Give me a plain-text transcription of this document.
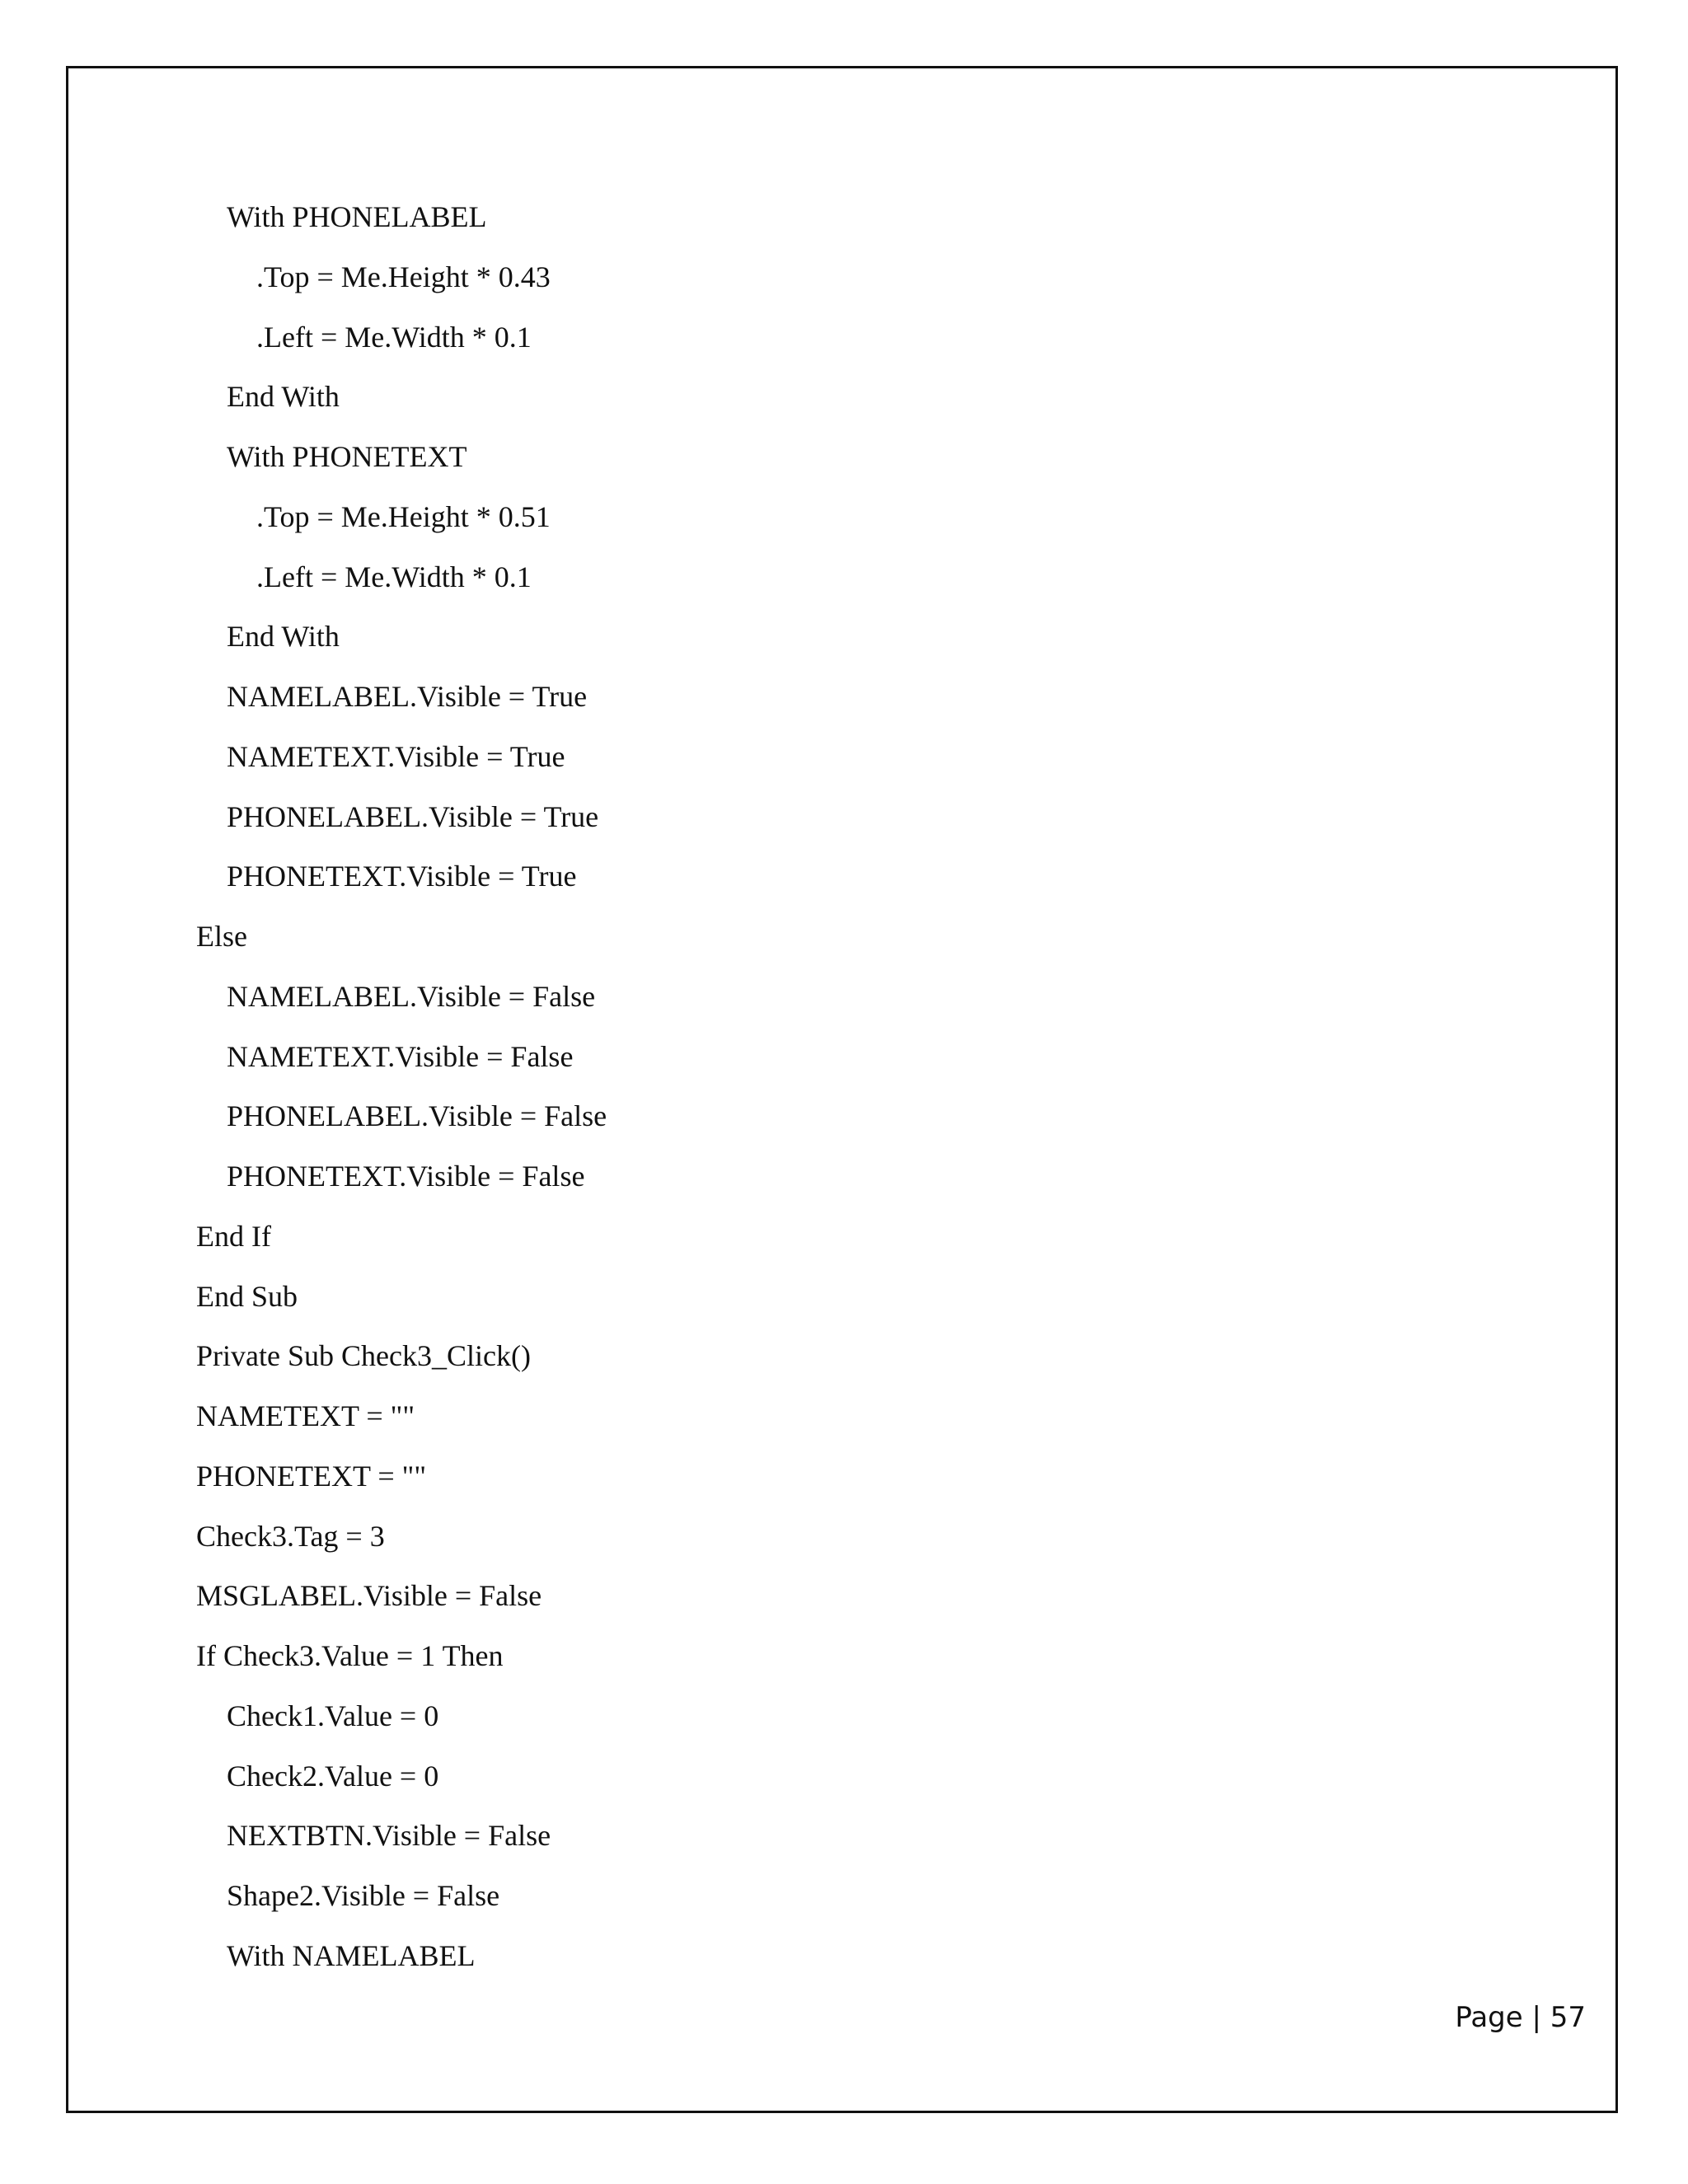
With PHONELABEL
.Top = Me.Height * 0.43
.Left = Me.Width * 0.1
End With
With PHONETEXT
.Top = Me.Height * 0.51
.Left = Me.Width * 0.1
End With
NAMELABEL.Visible = True
NAMETEXT.Visible = True
PHONELABEL.Visible = True
PHONETEXT.Visible = True
Else
NAMELABEL.Visible = False
NAMETEXT.Visible = False
PHONELABEL.Visible = False
PHONETEXT.Visible = False
End If
End Sub
Private Sub Check3_Click()
NAMETEXT = ""
PHONETEXT = ""
Check3.Tag = 3
MSGLABEL.Visible = False
If Check3.Value = 1 Then
Check1.Value = 0
Check2.Value = 0
NEXTBTN.Visible = False
Shape2.Visible = False
With NAMELABEL
Page | 57
